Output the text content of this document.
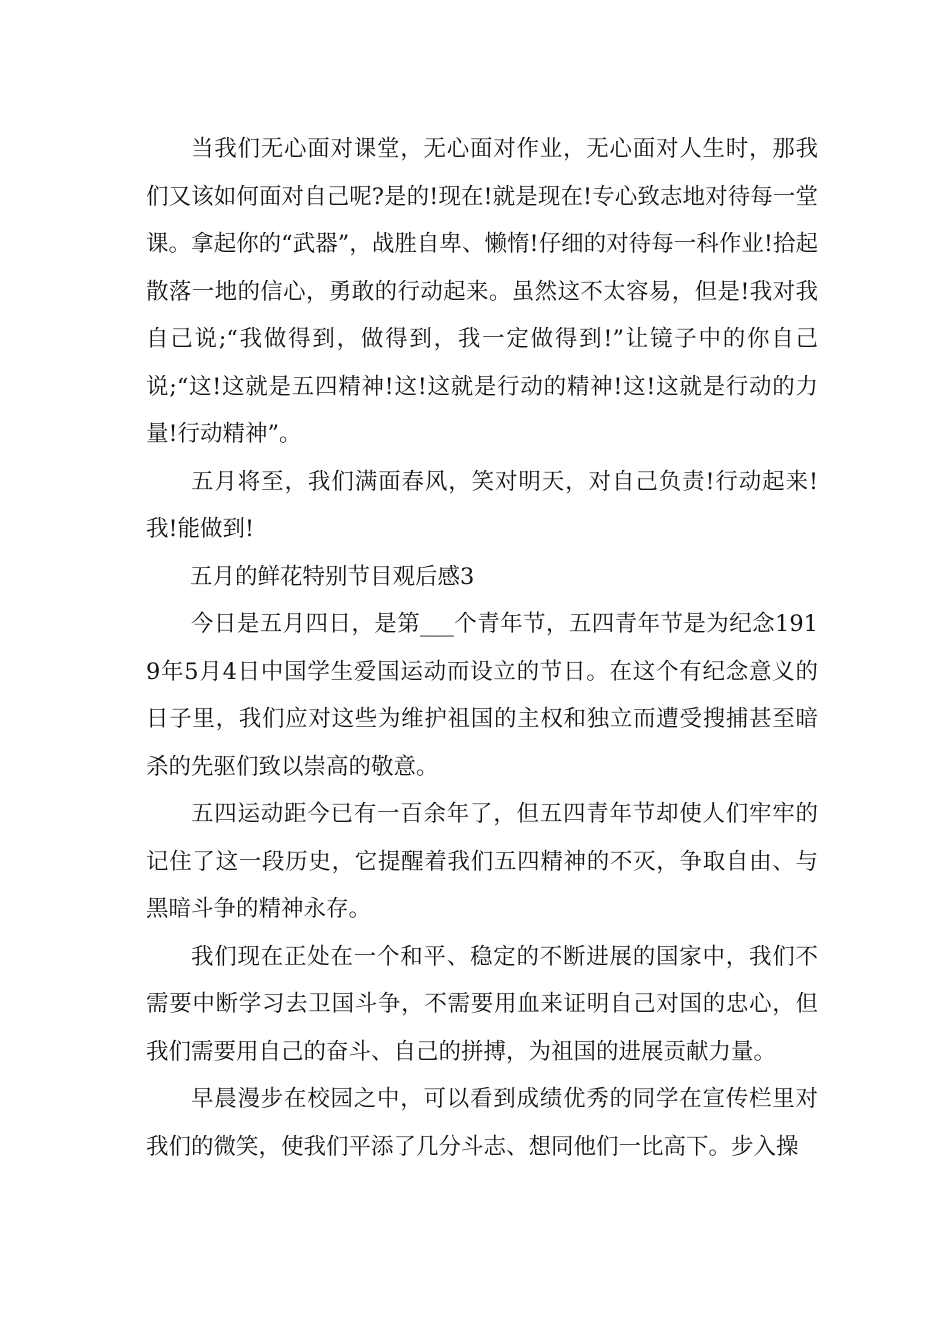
当我们无心面对课堂，无心面对作业，无心面对人生时，那我们又该如何面对自己呢?是的!现在!就是现在!专心致志地对待每一堂课。拿起你的“武器”，战胜自卑、懒惰!仔细的对待每一科作业!拾起散落一地的信心，勇敢的行动起来。虽然这不太容易，但是!我对我自己说;“我做得到，做得到，我一定做得到!”让镜子中的你自己说;“这!这就是五四精神!这!这就是行动的精神!这!这就是行动的力量!行动精神”。

五月将至，我们满面春风，笑对明天，对自己负责!行动起来!我!能做到!

五月的鲜花特别节目观后感3

今日是五月四日，是第___个青年节，五四青年节是为纪念1919年5月4日中国学生爱国运动而设立的节日。在这个有纪念意义的日子里，我们应对这些为维护祖国的主权和独立而遭受搜捕甚至暗杀的先驱们致以崇高的敬意。

五四运动距今已有一百余年了，但五四青年节却使人们牢牢的记住了这一段历史，它提醒着我们五四精神的不灭，争取自由、与黑暗斗争的精神永存。

我们现在正处在一个和平、稳定的不断进展的国家中，我们不需要中断学习去卫国斗争，不需要用血来证明自己对国的忠心，但我们需要用自己的奋斗、自己的拼搏，为祖国的进展贡献力量。

早晨漫步在校园之中，可以看到成绩优秀的同学在宣传栏里对我们的微笑，使我们平添了几分斗志、想同他们一比高下。步入操
